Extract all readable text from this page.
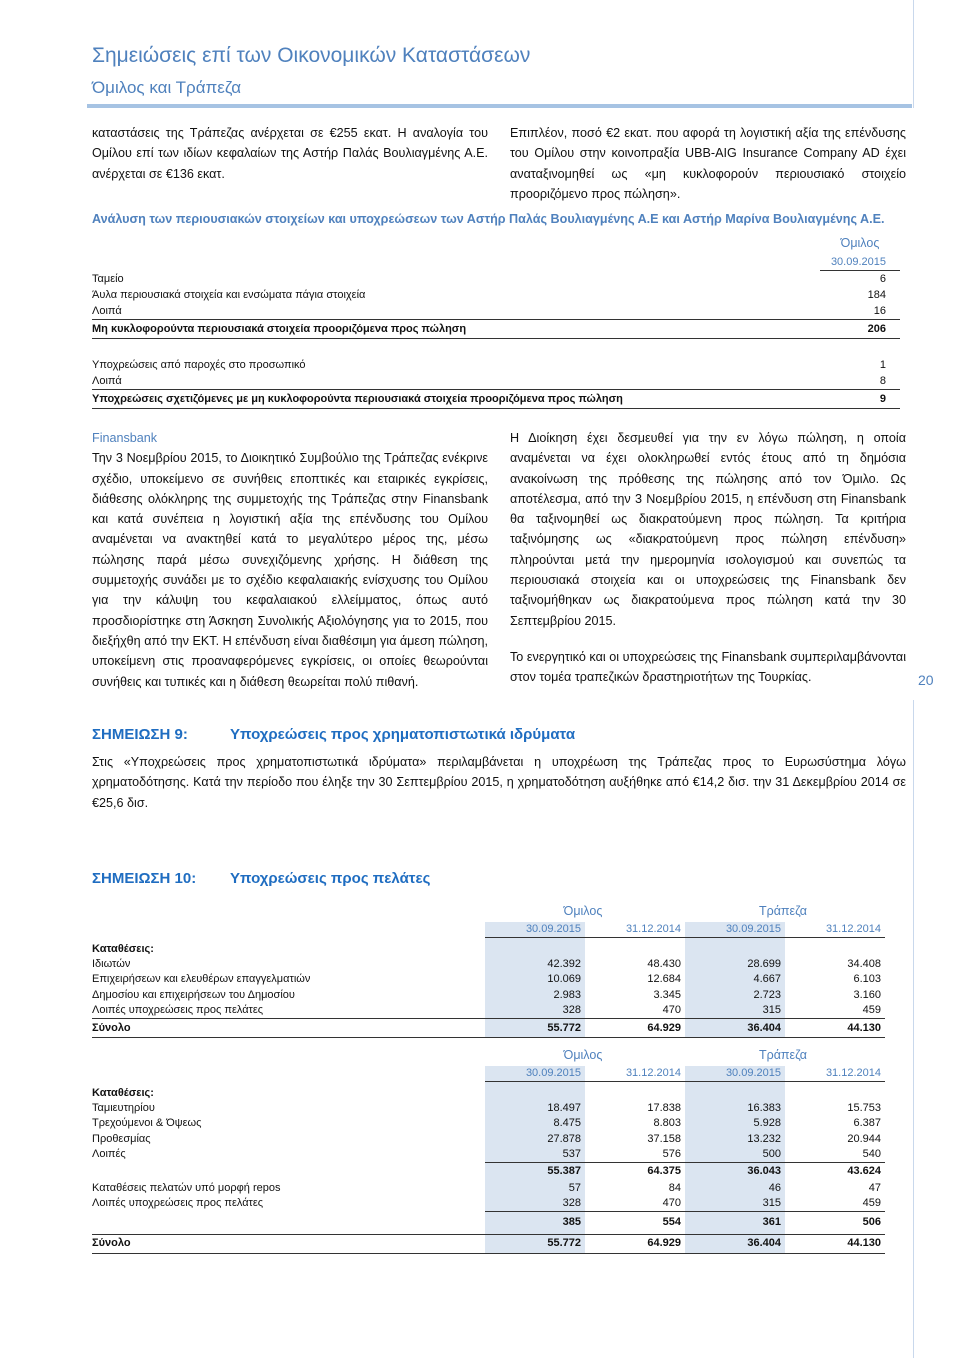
Σημειώσεις επί των Οικονομικών Καταστάσεων
Όμιλος και Τράπεζα
20

καταστάσεις της Τράπεζας ανέρχεται σε €255 εκατ. Η αναλογία του Ομίλου επί των ιδίων κεφαλαίων της Αστήρ Παλάς Βουλιαγμένης Α.Ε. ανέρχεται σε €136 εκατ.

Επιπλέον, ποσό €2 εκατ. που αφορά τη λογιστική αξία της επένδυσης του Ομίλου στην κοινοπραξία UBB-AIG Insurance Company AD έχει αναταξινομηθεί ως «μη κυκλοφορούν περιουσιακό στοιχείο προοριζόμενο προς πώληση».

Ανάλυση των περιουσιακών στοιχείων και υποχρεώσεων των Αστήρ Παλάς Βουλιαγμένης Α.Ε και Αστήρ Μαρίνα Βουλιαγμένης Α.Ε.
	Όμιλος
	30.09.2015
Ταμείο	6
Άυλα περιουσιακά στοιχεία και ενσώματα πάγια στοιχεία	184
Λοιπά	16
Μη κυκλοφορούντα περιουσιακά στοιχεία προοριζόμενα προς πώληση	206

Υποχρεώσεις από παροχές στο προσωπικό	1
Λοιπά	8
Υποχρεώσεις σχετιζόμενες με μη κυκλοφορούντα περιουσιακά στοιχεία προοριζόμενα προς πώληση	9

Finansbank

Την 3 Νοεμβρίου 2015, το Διοικητικό Συμβούλιο της Τράπεζας ενέκρινε σχέδιο, υποκείμενο σε συνήθεις εποπτικές και εταιρικές εγκρίσεις, διάθεσης ολόκληρης της συμμετοχής της Τράπεζας στην Finansbank και κατά συνέπεια η λογιστική αξία της επένδυσης του Ομίλου αναμένεται να ανακτηθεί κατά το μεγαλύτερο μέρος της, μέσω πώλησης παρά μέσω συνεχιζόμενης χρήσης. Η διάθεση της συμμετοχής συνάδει με το σχέδιο κεφαλαιακής ενίσχυσης του Ομίλου για την κάλυψη του κεφαλαιακού ελλείμματος, όπως αυτό προσδιορίστηκε στη Άσκηση Συνολικής Αξιολόγησης για το 2015, που διεξήχθη από την ΕΚΤ. Η επένδυση είναι διαθέσιμη για άμεση πώληση, υποκείμενη στις προαναφερόμενες εγκρίσεις, οι οποίες θεωρούνται συνήθεις και τυπικές και η διάθεση θεωρείται πολύ πιθανή.

Η Διοίκηση έχει δεσμευθεί για την εν λόγω πώληση, η οποία αναμένεται να έχει ολοκληρωθεί εντός έτους από τη δημόσια ανακοίνωση της πρόθεσης της πώλησης από τον Όμιλο. Ως αποτέλεσμα, από την 3 Νοεμβρίου 2015, η επένδυση στη Finansbank θα ταξινομηθεί ως διακρατούμενη προς πώληση. Τα κριτήρια ταξινόμησης ως «διακρατούμενη προς πώληση επένδυση» πληρούνται μετά την ημερομηνία ισολογισμού και συνεπώς τα περιουσιακά στοιχεία και οι υποχρεώσεις της Finansbank δεν ταξινομήθηκαν ως διακρατούμενα προς πώληση κατά την 30 Σεπτεμβρίου 2015.

Το ενεργητικό και οι υποχρεώσεις της Finansbank συμπεριλαμβάνονται στον τομέα τραπεζικών δραστηριοτήτων της Τουρκίας.

ΣΗΜΕΙΩΣΗ 9:	Υποχρεώσεις προς χρηματοπιστωτικά ιδρύματα

Στις «Υποχρεώσεις προς χρηματοπιστωτικά ιδρύματα» περιλαμβάνεται η υποχρέωση της Τράπεζας προς το Ευρωσύστημα λόγω χρηματοδότησης. Κατά την περίοδο που έληξε την 30 Σεπτεμβρίου 2015, η χρηματοδότηση αυξήθηκε από €14,2 δισ. την 31 Δεκεμβρίου 2014 σε €25,6 δισ.

ΣΗΜΕΙΩΣΗ 10: Υποχρεώσεις προς πελάτες
	Όμιλος		Τράπεζα	
	30.09.2015	31.12.2014	30.09.2015	31.12.2014
Καταθέσεις:				
Ιδιωτών	42.392	48.430	28.699	34.408
Επιχειρήσεων και ελευθέρων επαγγελματιών	10.069	12.684	4.667	6.103
Δημοσίου και επιχειρήσεων του Δημοσίου	2.983	3.345	2.723	3.160
Λοιπές υποχρεώσεις προς πελάτες	328	470	315	459
Σύνολο	55.772	64.929	36.404	44.130
	Όμιλος		Τράπεζα	
	30.09.2015	31.12.2014	30.09.2015	31.12.2014
Καταθέσεις:				
Ταμιευτηρίου	18.497	17.838	16.383	15.753
Τρεχούμενοι & Όψεως	8.475	8.803	5.928	6.387
Προθεσμίας	27.878	37.158	13.232	20.944
Λοιπές	537	576	500	540
	55.387	64.375	36.043	43.624
Καταθέσεις πελατών υπό μορφή repos	57	84	46	47
Λοιπές υποχρεώσεις προς πελάτες	328	470	315	459
	385	554	361	506
Σύνολο	55.772	64.929	36.404	44.130
